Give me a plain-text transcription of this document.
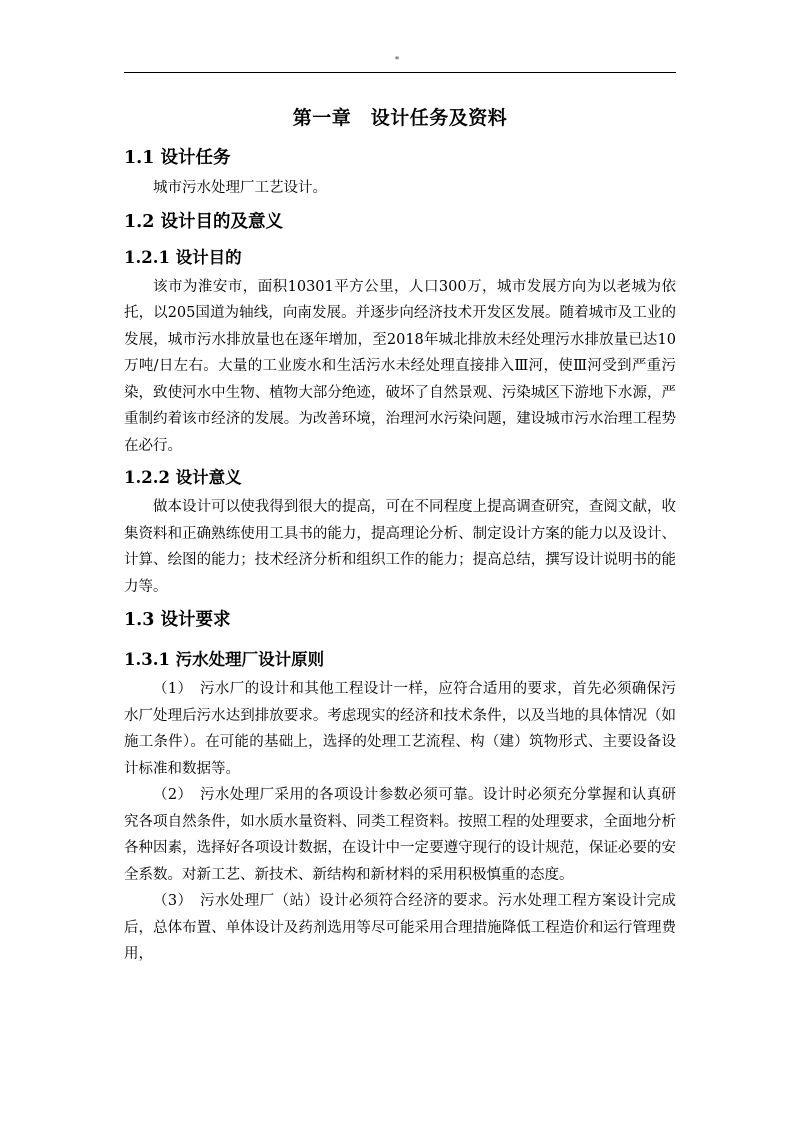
"
第一章　设计任务及资料
1.1 设计任务

城市污水处理厂工艺设计。

1.2 设计目的及意义
1.2.1 设计目的

该市为淮安市，面积10301平方公里，人口300万，城市发展方向为以老城为依托，以205国道为轴线，向南发展。并逐步向经济技术开发区发展。随着城市及工业的发展，城市污水排放量也在逐年增加，至2018年城北排放未经处理污水排放量已达10万吨/日左右。大量的工业废水和生活污水未经处理直接排入Ⅲ河，使Ⅲ河受到严重污染，致使河水中生物、植物大部分绝迹，破坏了自然景观、污染城区下游地下水源，严重制约着该市经济的发展。为改善环境，治理河水污染问题，建设城市污水治理工程势在必行。

1.2.2 设计意义

做本设计可以使我得到很大的提高，可在不同程度上提高调查研究，查阅文献，收集资料和正确熟练使用工具书的能力，提高理论分析、制定设计方案的能力以及设计、计算、绘图的能力；技术经济分析和组织工作的能力；提高总结，撰写设计说明书的能力等。

1.3 设计要求
1.3.1 污水处理厂设计原则

（1）　污水厂的设计和其他工程设计一样，应符合适用的要求，首先必须确保污水厂处理后污水达到排放要求。考虑现实的经济和技术条件，以及当地的具体情况（如施工条件）。在可能的基础上，选择的处理工艺流程、构（建）筑物形式、主要设备设计标准和数据等。

（2）　污水处理厂采用的各项设计参数必须可靠。设计时必须充分掌握和认真研究各项自然条件，如水质水量资料、同类工程资料。按照工程的处理要求，全面地分析各种因素，选择好各项设计数据，在设计中一定要遵守现行的设计规范，保证必要的安全系数。对新工艺、新技术、新结构和新材料的采用积极慎重的态度。

（3）　污水处理厂（站）设计必须符合经济的要求。污水处理工程方案设计完成后，总体布置、单体设计及药剂选用等尽可能采用合理措施降低工程造价和运行管理费用，
